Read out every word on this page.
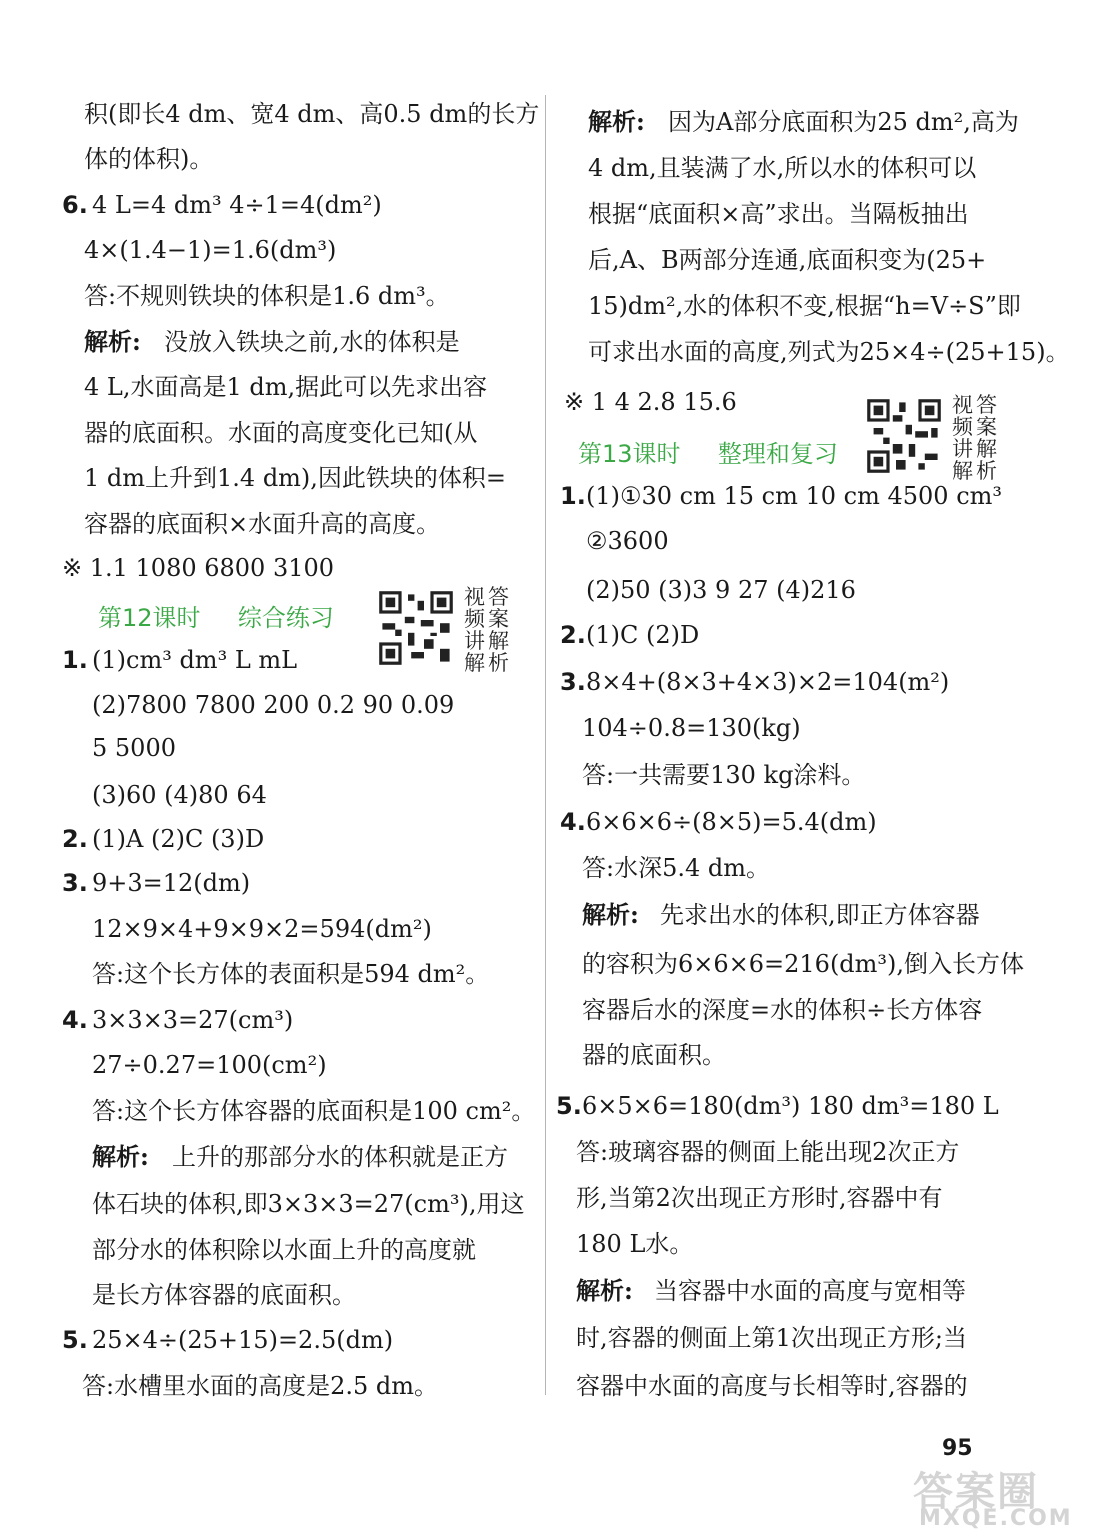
积(即长4 dm、宽4 dm、高0.5 dm的长方
体的体积)。
6. 4 L=4 dm³ 4÷1=4(dm²)
4×(1.4−1)=1.6(dm³)
答:不规则铁块的体积是1.6 dm³。
解析: 没放入铁块之前,水的体积是
4 L,水面高是1 dm,据此可以先求出容
器的底面积。水面的高度变化已知(从
1 dm上升到1.4 dm),因此铁块的体积=
容器的底面积×水面升高的高度。
※ 1.1 1080 6800 3100
第12课时 综合练习
视 答
频 案
讲 解
解 析
1. (1)cm³ dm³ L mL
(2)7800 7800 200 0.2 90 0.09
5 5000
(3)60 (4)80 64
2. (1)A (2)C (3)D
3. 9+3=12(dm)
12×9×4+9×9×2=594(dm²)
答:这个长方体的表面积是594 dm²。
4. 3×3×3=27(cm³)
27÷0.27=100(cm²)
答:这个长方体容器的底面积是100 cm²。
解析: 上升的那部分水的体积就是正方
体石块的体积,即3×3×3=27(cm³),用这
部分水的体积除以水面上升的高度就
是长方体容器的底面积。
5. 25×4÷(25+15)=2.5(dm)
答:水槽里水面的高度是2.5 dm。
解析: 因为A部分底面积为25 dm²,高为
4 dm,且装满了水,所以水的体积可以
根据“底面积×高”求出。当隔板抽出
后,A、B两部分连通,底面积变为(25+
15)dm²,水的体积不变,根据“h=V÷S”即
可求出水面的高度,列式为25×4÷(25+15)。
※ 1 4 2.8 15.6
第13课时 整理和复习
视 答
频 案
讲 解
解 析
1. (1)①30 cm 15 cm 10 cm 4500 cm³
②3600
(2)50 (3)3 9 27 (4)216
2. (1)C (2)D
3. 8×4+(8×3+4×3)×2=104(m²)
104÷0.8=130(kg)
答:一共需要130 kg涂料。
4. 6×6×6÷(8×5)=5.4(dm)
答:水深5.4 dm。
解析: 先求出水的体积,即正方体容器
的容积为6×6×6=216(dm³),倒入长方体
容器后水的深度=水的体积÷长方体容
器的底面积。
5. 6×5×6=180(dm³) 180 dm³=180 L
答:玻璃容器的侧面上能出现2次正方
形,当第2次出现正方形时,容器中有
180 L水。
解析: 当容器中水面的高度与宽相等
时,容器的侧面上第1次出现正方形;当
容器中水面的高度与长相等时,容器的
95
答案圈
MXQE.COM
